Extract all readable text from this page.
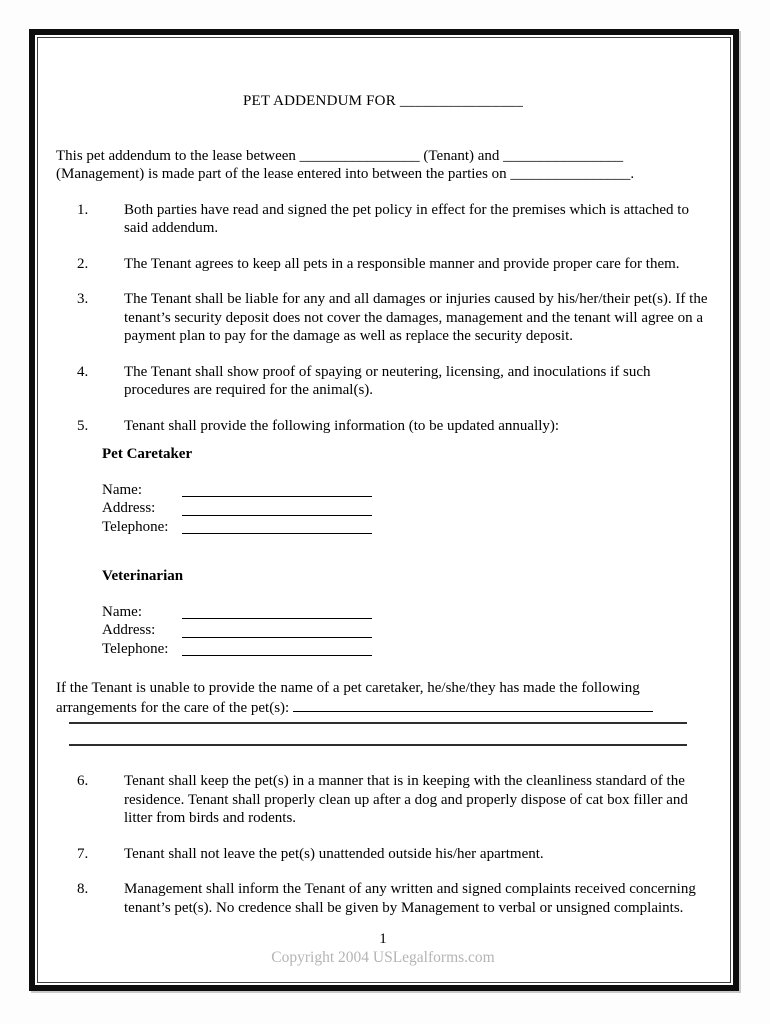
PET ADDENDUM FOR ________________
This pet addendum to the lease between ________________ (Tenant) and ________________ (Management) is made part of the lease entered into between the parties on ________________.
1.	Both parties have read and signed the pet policy in effect for the premises which is attached to said addendum.
2.	The Tenant agrees to keep all pets in a responsible manner and provide proper care for them.
3.	The Tenant shall be liable for any and all damages or injuries caused by his/her/their pet(s). If the tenant’s security deposit does not cover the damages, management and the tenant will agree on a payment plan to pay for the damage as well as replace the security deposit.
4.	The Tenant shall show proof of spaying or neutering, licensing, and inoculations if such procedures are required for the animal(s).
5.	Tenant shall provide the following information (to be updated annually):
Pet Caretaker
Name:
Address:
Telephone:
Veterinarian
Name:
Address:
Telephone:
If the Tenant is unable to provide the name of a pet caretaker, he/she/they has made the following arrangements for the care of the pet(s):
6.	Tenant shall keep the pet(s) in a manner that is in keeping with the cleanliness standard of the residence. Tenant shall properly clean up after a dog and properly dispose of cat box filler and litter from birds and rodents.
7.	Tenant shall not leave the pet(s) unattended outside his/her apartment.
8.	Management shall inform the Tenant of any written and signed complaints received concerning tenant’s pet(s). No credence shall be given by Management to verbal or unsigned complaints.
1
Copyright 2004 USLegalforms.com
